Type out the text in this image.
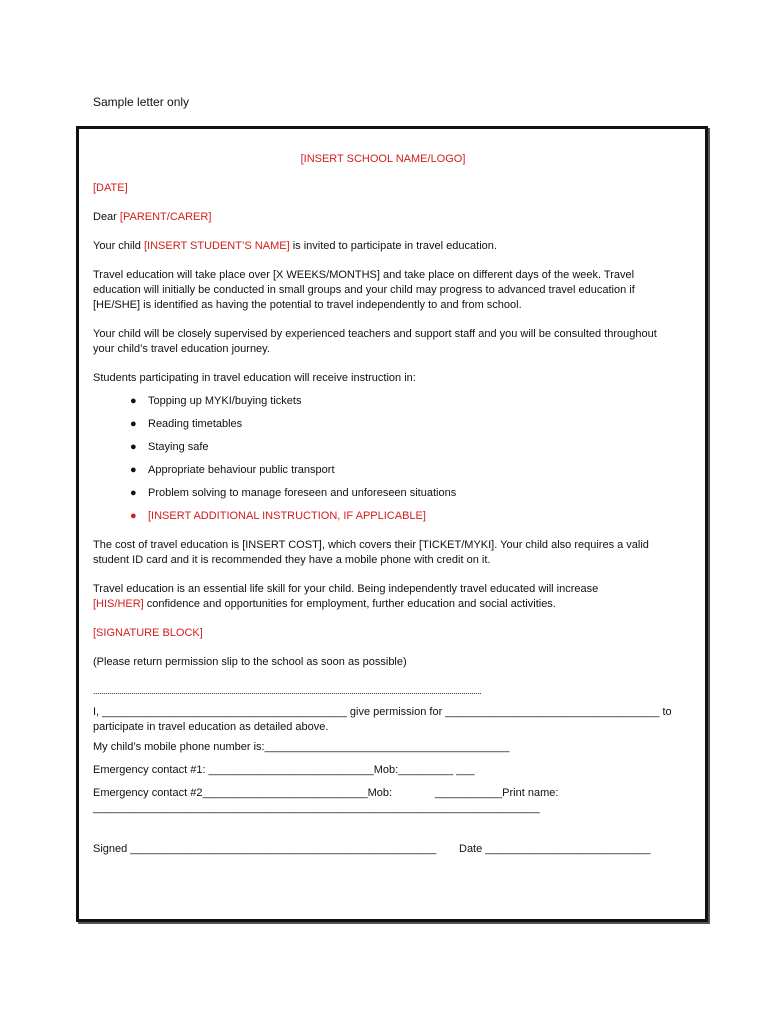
Sample letter only

[INSERT SCHOOL NAME/LOGO]

[DATE]

Dear [PARENT/CARER]

Your child [INSERT STUDENT’S NAME] is invited to participate in travel education.

Travel education will take place over [X WEEKS/MONTHS] and take place on different days of the week. Travel education will initially be conducted in small groups and your child may progress to advanced travel education if [HE/SHE] is identified as having the potential to travel independently to and from school.

Your child will be closely supervised by experienced teachers and support staff and you will be consulted throughout your child’s travel education journey.

Students participating in travel education will receive instruction in:

● Topping up MYKI/buying tickets
● Reading timetables
● Staying safe
● Appropriate behaviour public transport
● Problem solving to manage foreseen and unforeseen situations
● [INSERT ADDITIONAL INSTRUCTION, IF APPLICABLE]

The cost of travel education is [INSERT COST], which covers their [TICKET/MYKI]. Your child also requires a valid student ID card and it is recommended they have a mobile phone with credit on it.

Travel education is an essential life skill for your child. Being independently travel educated will increase
[HIS/HER] confidence and opportunities for employment, further education and social activities.

[SIGNATURE BLOCK]

(Please return permission slip to the school as soon as possible)

..................................................................................................................................................................................................

I, ________________________________________ give permission for ___________________________________ to

participate in travel education as detailed above.

My child’s mobile phone number is:________________________________________

Emergency contact #1: ___________________________Mob:_________ ___

Emergency contact #2___________________________Mob:              ___________Print name:

_________________________________________________________________________

Signed __________________________________________________ Date ___________________________
